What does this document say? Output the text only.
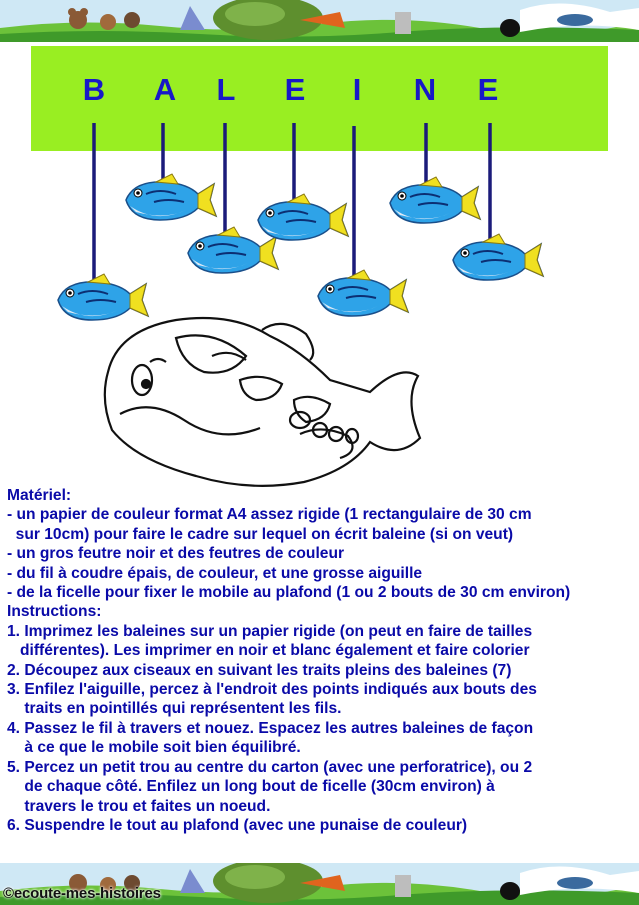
B A L E I N E
Matériel:
- un papier de couleur format A4 assez rigide (1 rectangulaire de 30 cm
sur 10cm) pour faire le cadre sur lequel on écrit baleine (si on veut)
- un gros feutre noir et des feutres de couleur
- du fil à coudre épais, de couleur, et une grosse aiguille
- de la ficelle pour fixer le mobile au plafond (1 ou 2 bouts de 30 cm environ)
Instructions:
1. Imprimez les baleines sur un papier rigide (on peut en faire de tailles
différentes). Les imprimer en noir et blanc également et faire colorier
2. Découpez aux ciseaux en suivant les traits pleins des baleines (7)
3. Enfilez l'aiguille, percez à l'endroit des points indiqués aux bouts des
traits en pointillés qui représentent les fils.
4. Passez le fil à travers et nouez. Espacez les autres baleines de façon
à ce que le mobile soit bien équilibré.
5. Percez un petit trou au centre du carton (avec une perforatrice), ou 2
de chaque côté. Enfilez un long bout de ficelle (30cm environ) à
travers le trou et faites un noeud.
6. Suspendre le tout au plafond (avec une punaise de couleur)
©ecoute-mes-histoires
